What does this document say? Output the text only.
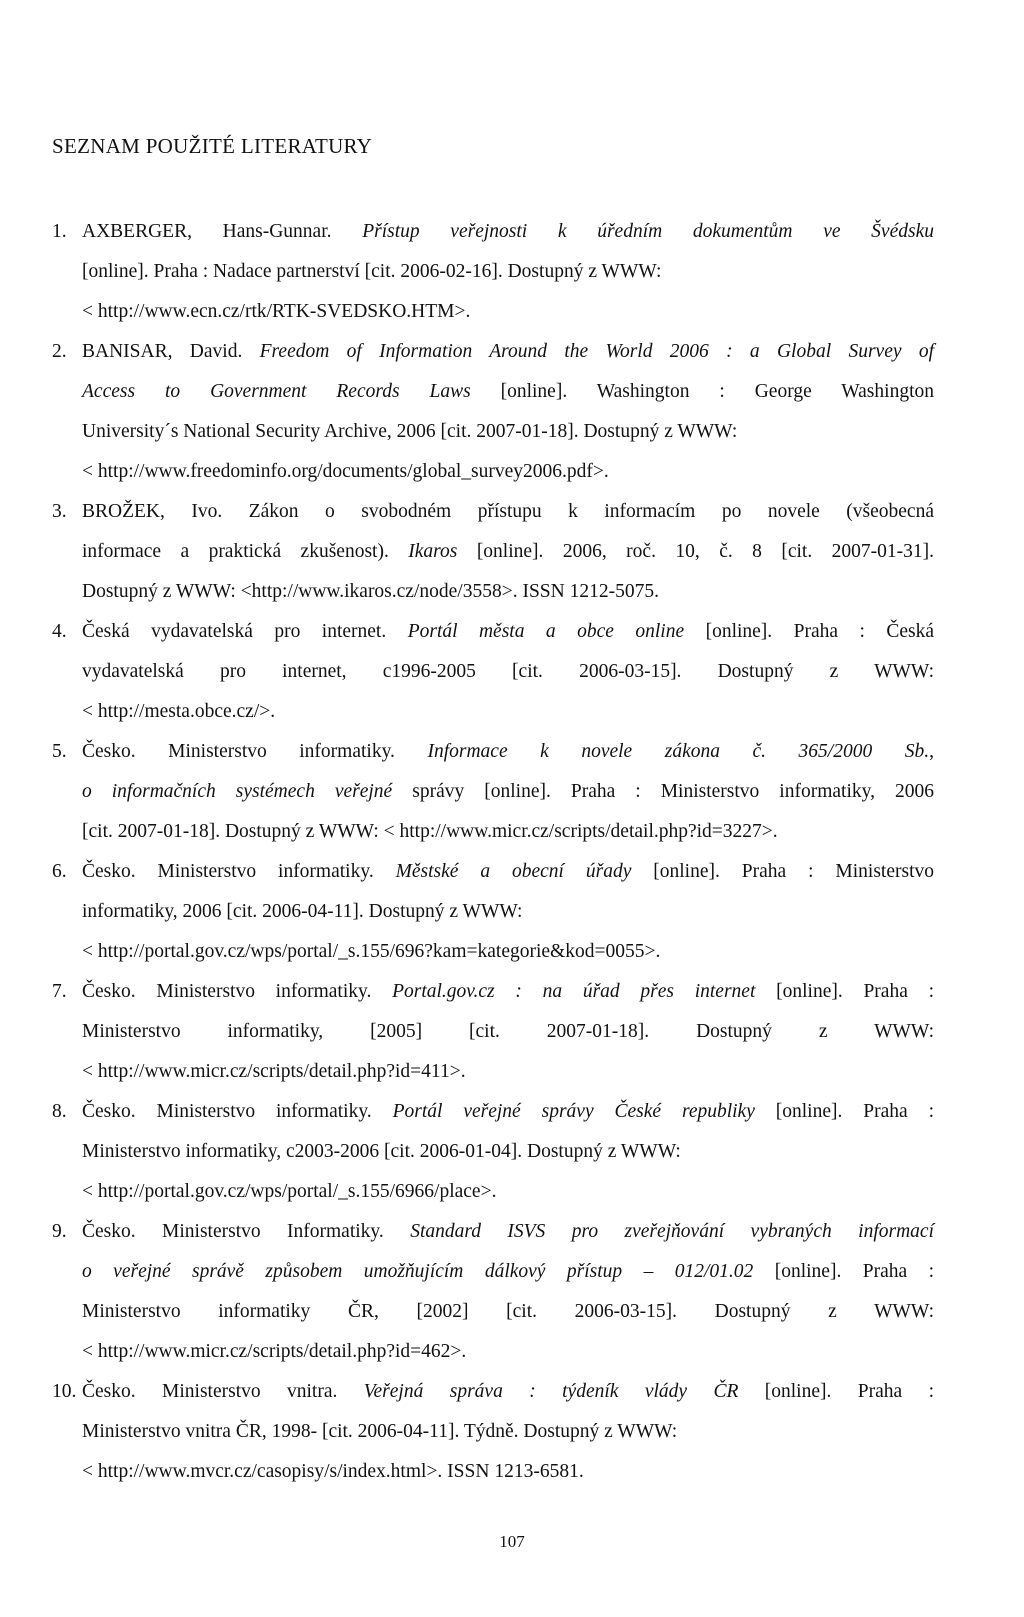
SEZNAM POUŽITÉ LITERATURY
1. AXBERGER, Hans-Gunnar. Přístup veřejnosti k úředním dokumentům ve Švédsku
[online]. Praha : Nadace partnerství [cit. 2006-02-16]. Dostupný z WWW:
< http://www.ecn.cz/rtk/RTK-SVEDSKO.HTM>.
2. BANISAR, David. Freedom of Information Around the World 2006 : a Global Survey of
Access to Government Records Laws [online]. Washington : George Washington
University´s National Security Archive, 2006 [cit. 2007-01-18]. Dostupný z WWW:
< http://www.freedominfo.org/documents/global_survey2006.pdf>.
3. BROŽEK, Ivo. Zákon o svobodném přístupu k informacím po novele (všeobecná
informace a praktická zkušenost). Ikaros [online]. 2006, roč. 10, č. 8 [cit. 2007-01-31].
Dostupný z WWW: <http://www.ikaros.cz/node/3558>. ISSN 1212-5075.
4. Česká vydavatelská pro internet. Portál města a obce online [online]. Praha : Česká
vydavatelská pro internet, c1996-2005 [cit. 2006-03-15]. Dostupný z WWW:
< http://mesta.obce.cz/>.
5. Česko. Ministerstvo informatiky. Informace k novele zákona č. 365/2000 Sb.,
o informačních systémech veřejné správy [online]. Praha : Ministerstvo informatiky, 2006
[cit. 2007-01-18]. Dostupný z WWW: < http://www.micr.cz/scripts/detail.php?id=3227>.
6. Česko. Ministerstvo informatiky. Městské a obecní úřady [online]. Praha : Ministerstvo
informatiky, 2006 [cit. 2006-04-11]. Dostupný z WWW:
< http://portal.gov.cz/wps/portal/_s.155/696?kam=kategorie&kod=0055>.
7. Česko. Ministerstvo informatiky. Portal.gov.cz : na úřad přes internet [online]. Praha :
Ministerstvo informatiky, [2005] [cit. 2007-01-18]. Dostupný z WWW:
< http://www.micr.cz/scripts/detail.php?id=411>.
8. Česko. Ministerstvo informatiky. Portál veřejné správy České republiky [online]. Praha :
Ministerstvo informatiky, c2003-2006 [cit. 2006-01-04]. Dostupný z WWW:
< http://portal.gov.cz/wps/portal/_s.155/6966/place>.
9. Česko. Ministerstvo Informatiky. Standard ISVS pro zveřejňování vybraných informací
o veřejné správě způsobem umožňujícím dálkový přístup – 012/01.02 [online]. Praha :
Ministerstvo informatiky ČR, [2002] [cit. 2006-03-15]. Dostupný z WWW:
< http://www.micr.cz/scripts/detail.php?id=462>.
10. Česko. Ministerstvo vnitra. Veřejná správa : týdeník vlády ČR [online]. Praha :
Ministerstvo vnitra ČR, 1998- [cit. 2006-04-11]. Týdně. Dostupný z WWW:
< http://www.mvcr.cz/casopisy/s/index.html>. ISSN 1213-6581.
107
